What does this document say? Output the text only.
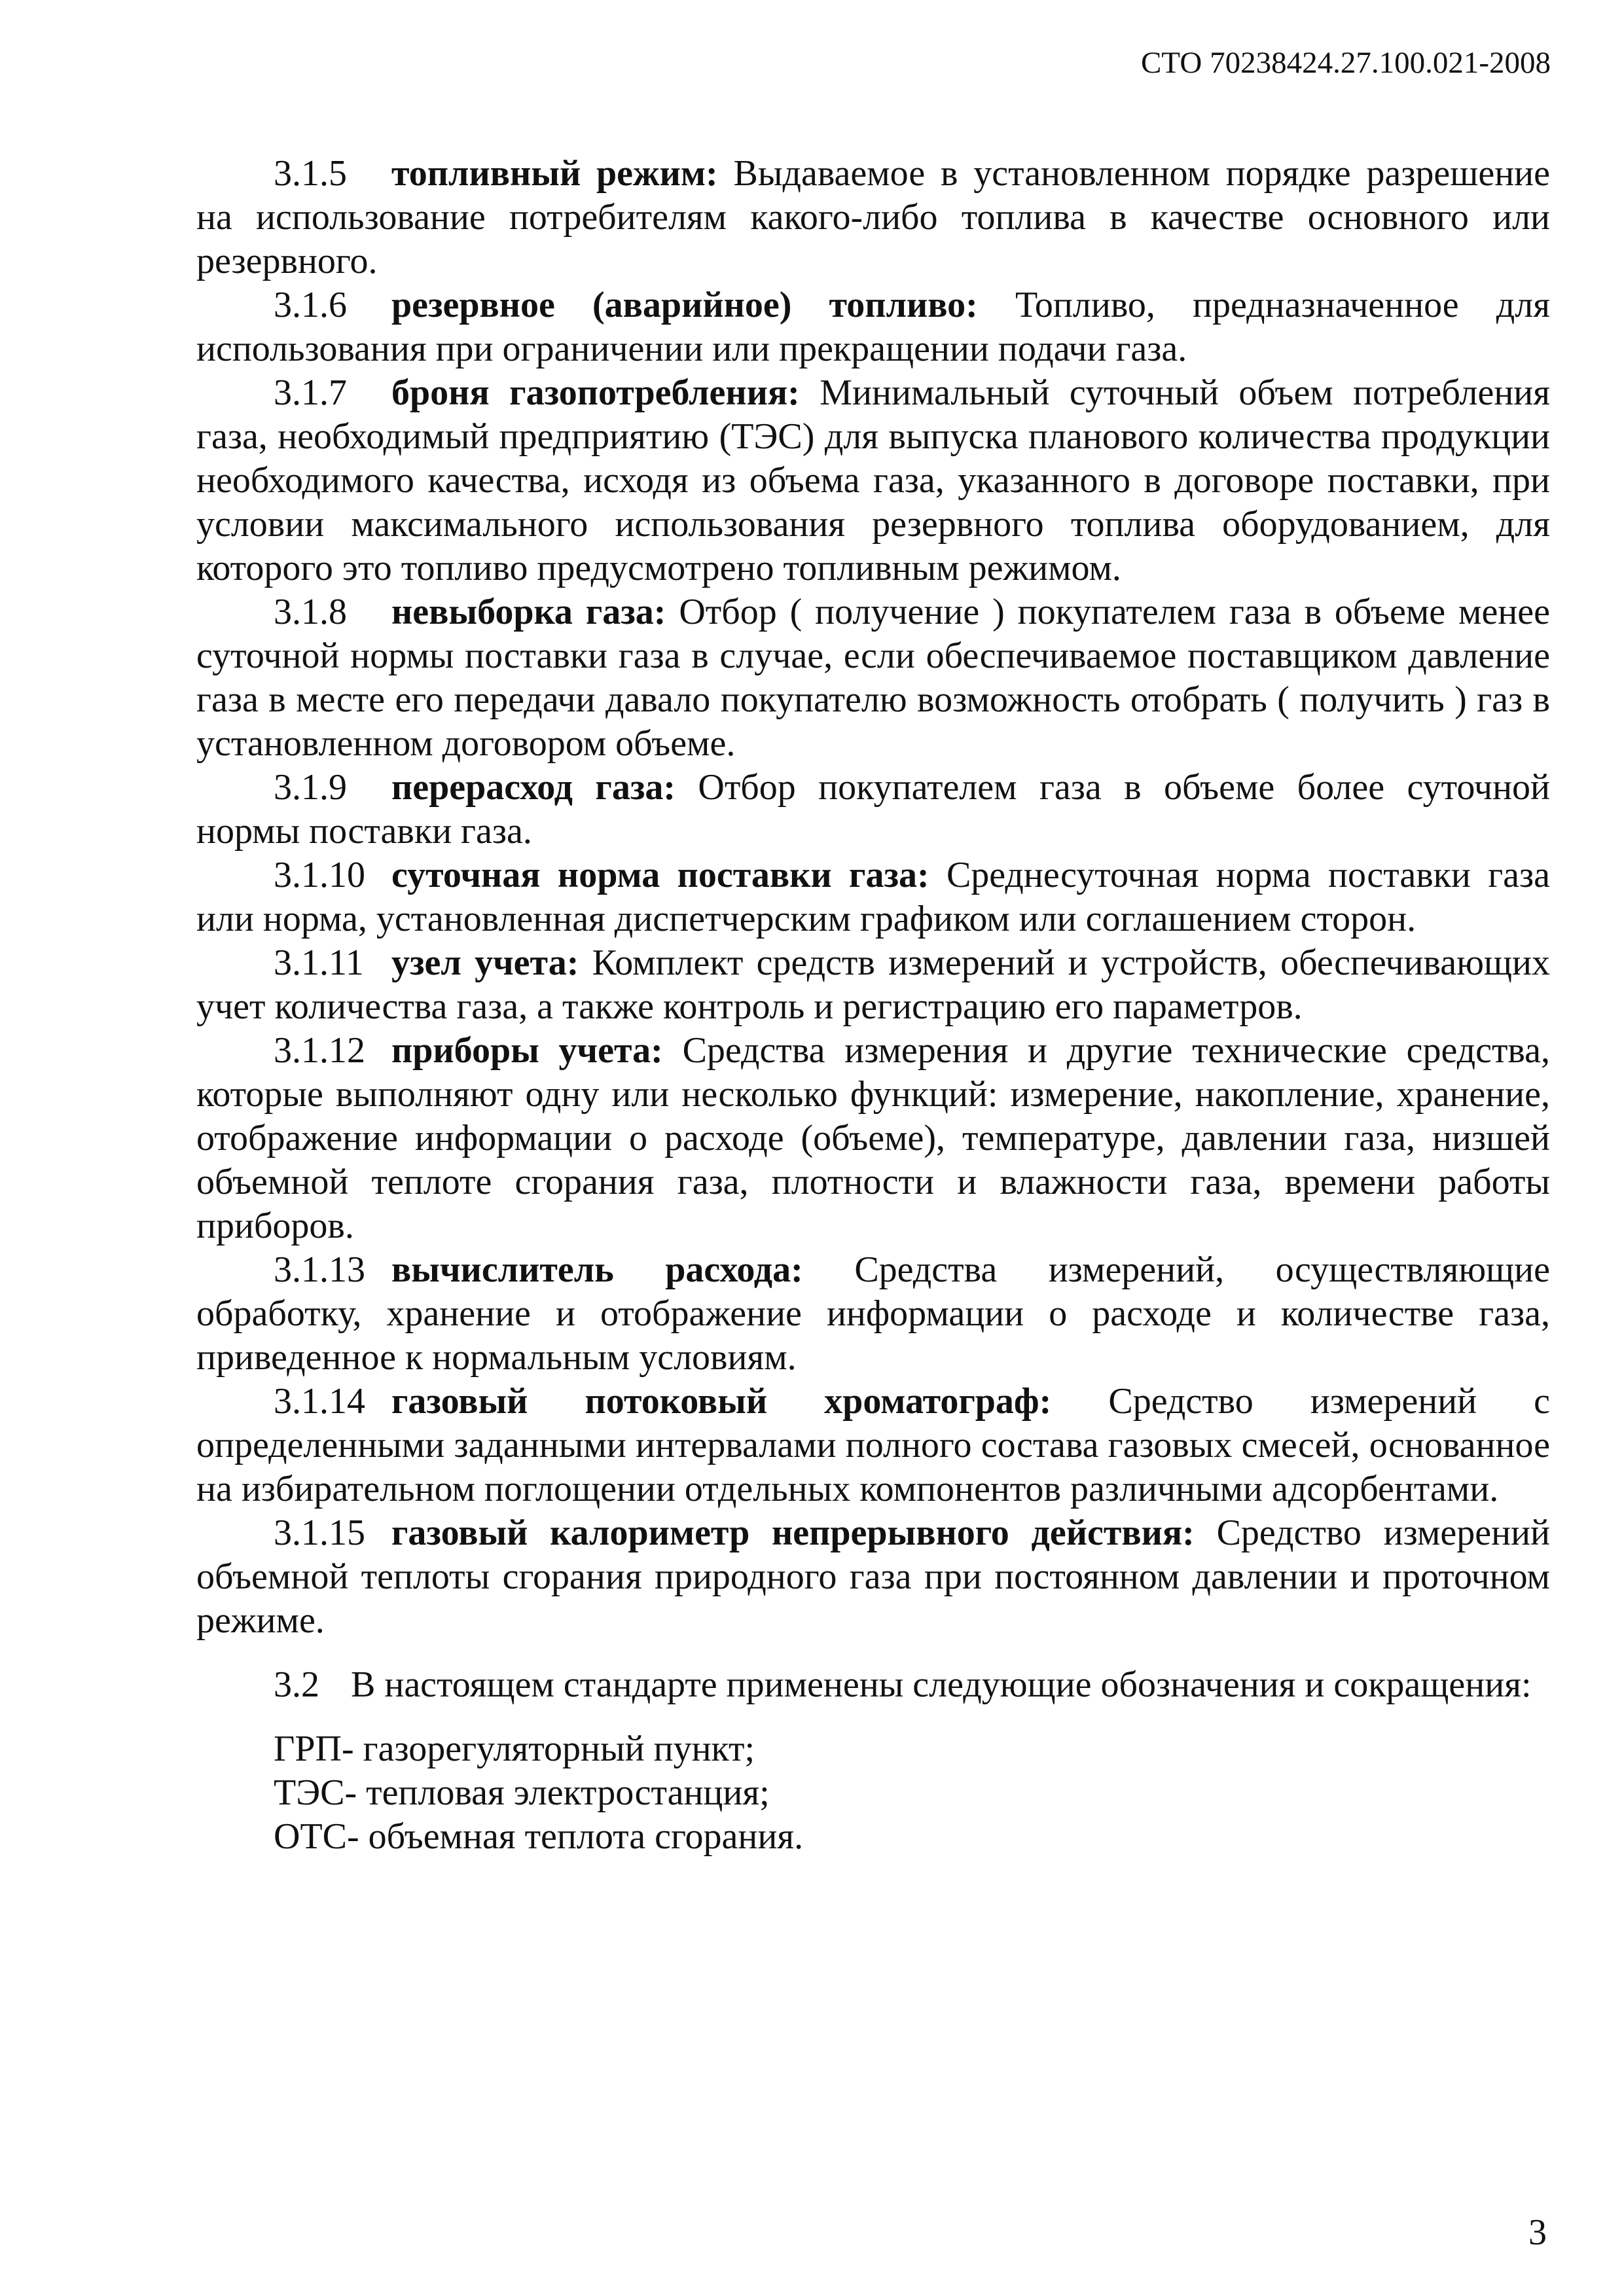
СТО 70238424.27.100.021-2008

3.1.5 топливный режим: Выдаваемое в установленном порядке разрешение на использование потребителям какого-либо топлива в качестве основного или резервного.

3.1.6 резервное (аварийное) топливо: Топливо, предназначенное для использования при ограничении или прекращении подачи газа.

3.1.7 броня газопотребления: Минимальный суточный объем потребления газа, необходимый предприятию (ТЭС) для выпуска планового количества продукции необходимого качества, исходя из объема газа, указанного в договоре поставки, при условии максимального использования резервного топлива оборудованием, для которого это топливо предусмотрено топливным режимом.

3.1.8 невыборка газа: Отбор ( получение ) покупателем газа в объеме менее суточной нормы поставки газа в случае, если обеспечиваемое поставщиком давление газа в месте его передачи давало покупателю возможность отобрать ( получить ) газ в установленном договором объеме.

3.1.9 перерасход газа: Отбор покупателем газа в объеме более суточной нормы поставки газа.

3.1.10 суточная норма поставки газа: Среднесуточная норма поставки газа или норма, установленная диспетчерским графиком или соглашением сторон.

3.1.11 узел учета: Комплект средств измерений и устройств, обеспечивающих учет количества газа, а также контроль и регистрацию его параметров.

3.1.12 приборы учета: Средства измерения и другие технические средства, которые выполняют одну или несколько функций: измерение, накопление, хранение, отображение информации о расходе (объеме), температуре, давлении газа, низшей объемной теплоте сгорания газа, плотности и влажности газа, времени работы приборов.

3.1.13 вычислитель расхода: Средства измерений, осуществляющие обработку, хранение и отображение информации о расходе и количестве газа, приведенное к нормальным условиям.

3.1.14 газовый потоковый хроматограф: Средство измерений с определенными заданными интервалами полного состава газовых смесей, основанное на избирательном поглощении отдельных компонентов различными адсорбентами.

3.1.15 газовый калориметр непрерывного действия: Средство измерений объемной теплоты сгорания природного газа при постоянном давлении и проточном режиме.

3.2 В настоящем стандарте применены следующие обозначения и сокращения:

ГРП- газорегуляторный пункт;

ТЭС- тепловая электростанция;

ОТС- объемная теплота сгорания.

3
